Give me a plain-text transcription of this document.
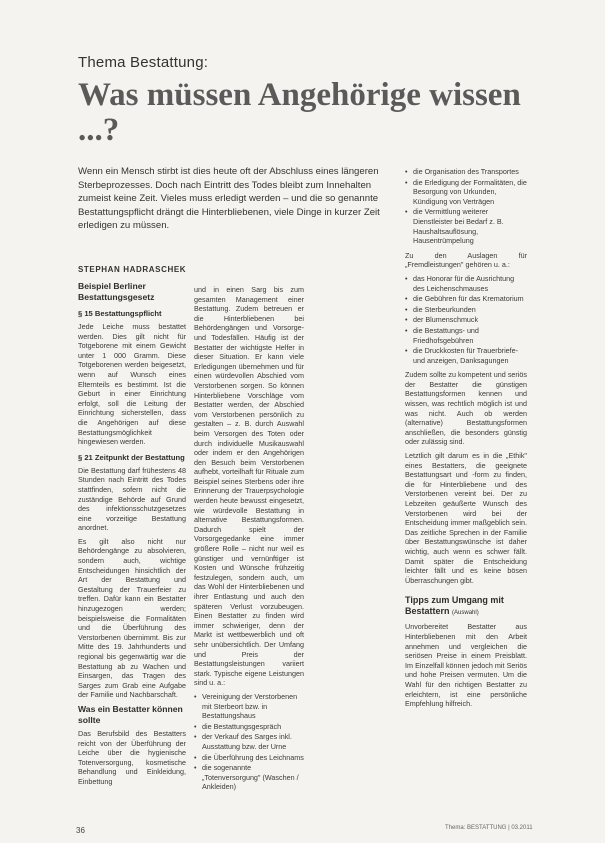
Thema Bestattung:
Was müssen Angehörige wissen ...?
Wenn ein Mensch stirbt ist dies heute oft der Abschluss eines längeren Sterbeprozesses. Doch nach Eintritt des Todes bleibt zum Innehalten zumeist keine Zeit. Vieles muss erledigt werden – und die so genannte Bestattungspflicht drängt die Hinterbliebenen, viele Dinge in kurzer Zeit erledigen zu müssen.
STEPHAN HADRASCHEK
Beispiel Berliner Bestattungsgesetz
§ 15 Bestattungspflicht

Jede Leiche muss bestattet werden. Dies gilt nicht für Totgeborene mit einem Gewicht unter 1 000 Gramm. Diese Totgeborenen werden beigesetzt, wenn auf Wunsch eines Elternteils es bestimmt. Ist die Geburt in einer Einrichtung erfolgt, soll die Leitung der Einrichtung sicherstellen, dass die Angehörigen auf diese Bestattungsmöglichkeit hingewiesen werden.

§ 21 Zeitpunkt der Bestattung

Die Bestattung darf frühestens 48 Stunden nach Eintritt des Todes stattfinden, sofern nicht die zuständige Behörde auf Grund des infektionsschutzgesetzes eine vorzeitige Bestattung anordnet.

Es gilt also nicht nur Behördengänge zu absolvieren, sondern auch, wichtige Entscheidungen hinsichtlich der Art der Bestattung und Gestaltung der Trauerfeier zu treffen. Dafür kann ein Bestatter hinzugezogen werden; beispielsweise die Formalitäten und die Überführung des Verstorbenen übernimmt. Bis zur Mitte des 19. Jahrhunderts und regional bis gegenwärtig war die Bestattung ab zu Wachen und Einsargen, das Tragen des Sarges zum Grab eine Aufgabe der Familie und Nachbarschaft.

Was ein Bestatter können sollte

Das Berufsbild des Bestatters reicht von der Überführung der Leiche über die hygienische Totenversorgung, kosmetische Behandlung und Einkleidung, Einbettung

und in einen Sarg bis zum gesamten Management einer Bestattung. Zudem betreuen er die Hinterbliebenen bei Behördengängen und Vorsorge- und Todesfällen. Häufig ist der Bestatter der wichtigste Helfer in dieser Situation. Er kann viele Erledigungen übernehmen und für einen würdevollen Abschied vom Verstorbenen sorgen. So können Hinterbliebene Vorschläge vom Bestatter werden, der Abschied vom Verstorbenen persönlich zu gestalten – z. B. durch Auswahl beim Versorgen des Toten oder durch individuelle Musikauswahl oder indem er den Angehörigen den Besuch beim Verstorbenen aufhebt, vorteilhaft für Rituale zum Beispiel seines Sterbens oder ihre Erinnerung der Trauerpsychologie werden heute bewusst eingesetzt, wie würdevolle Bestattung in alternative Bestattungsformen. Dadurch spielt der Vorsorgegedanke eine immer größere Rolle – nicht nur weil es günstiger und vernünftiger ist Kosten und Wünsche frühzeitig festzulegen, sondern auch, um das Wohl der Hinterbliebenen und ihrer Entlastung und auch den späteren Verlust vorzubeugen. Einen Bestatter zu finden wird immer schwieriger, denn der Markt ist wettbewerblich und oft sehr unübersichtlich. Der Umfang und Preis der Bestattungsleistungen variiert stark. Typische eigene Leistungen sind u. a.:

• Vereinigung der Verstorbenen mit Sterbeort bzw. in Bestattungshaus
• die Bestattungsgespräch
• der Verkauf des Sarges inkl. Ausstattung bzw. der Urne
• die Überführung des Leichnams
• die sogenannte „Totenversorgung" (Waschen / Ankleiden)
• die Organisation des Transportes
• die Erledigung der Formalitäten, die Besorgung von Urkunden, Kündigung von Verträgen
• die Vermittlung weiterer Dienstleister bei Bedarf z. B. Haushaltsauflösung, Hausentrümpelung

Zu den Auslagen für „Fremdleistungen" gehören u. a.:

• das Honorar für die Ausrichtung des Leichenschmauses
• die Gebühren für das Krematorium
• die Sterbeurkunden
• der Blumenschmuck
• die Bestattungs- und Friedhofsgebühren
• die Druckkosten für Trauerbriefe- und anzeigen, Danksagungen

Zudem sollte zu kompetent und seriös der Bestatter die günstigen Bestattungsformen kennen und wissen, was rechtlich möglich ist und was nicht. Auch ob werden (alternative) Bestattungsformen anschließen, die besonders günstig oder zulässig sind.

Letztlich gilt darum es in die „Ethik" eines Bestatters, die geeignete Bestattungsart und -form zu finden, die für Hinterbliebene und des Verstorbenen vereint bei. Der zu Lebzeiten geäußerte Wunsch des Verstorbenen wird bei der Entscheidung immer maßgeblich sein. Das zeitliche Sprechen in der Familie über Bestattungswünsche ist daher wichtig, auch wenn es schwer fällt. Damit später die Entscheidung leichter fällt und es keine bösen Überraschungen gibt.

Tipps zum Umgang mit Bestattern (Auswahl)

Unvorbereitet Bestatter aus Hinterbliebenen mit den Arbeit annehmen und vergleichen die seriösen Preise in einem Preisblatt. Im Einzelfall können jedoch mit Seriös und hohe Preisen vermuten. Um die Wahl für den richtigen Bestatter zu erleichtern, ist eine persönliche Empfehlung hilfreich.

36	Thema: BESTATTUNG | 03.2011
